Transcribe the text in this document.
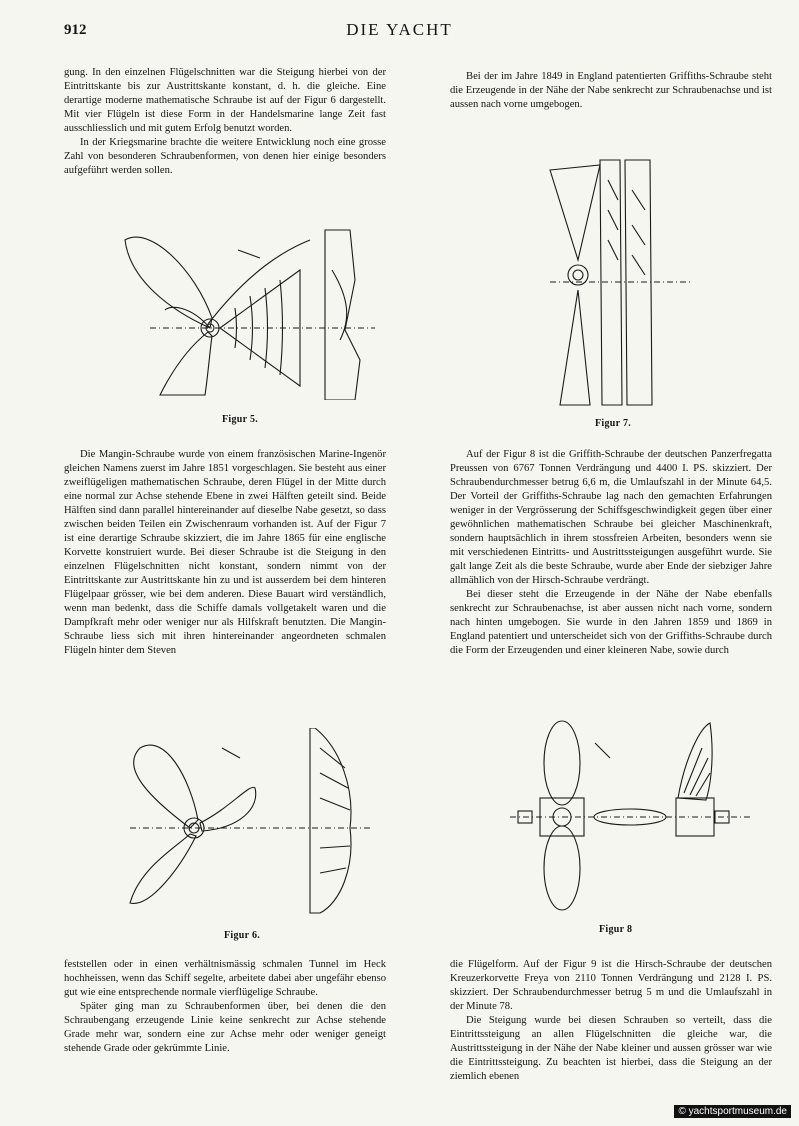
912	DIE YACHT

gung. In den einzelnen Flügelschnitten war die Steigung hierbei von der Eintrittskante bis zur Austrittskante konstant, d. h. die gleiche. Eine derartige moderne mathematische Schraube ist auf der Figur 6 dargestellt. Mit vier Flügeln ist diese Form in der Handelsmarine lange Zeit fast ausschliesslich und mit gutem Erfolg benutzt worden.

In der Kriegsmarine brachte die weitere Entwicklung noch eine grosse Zahl von besonderen Schraubenformen, von denen hier einige besonders aufgeführt werden sollen.

Figur 5.

Die Mangin-Schraube wurde von einem französischen Marine-Ingenör gleichen Namens zuerst im Jahre 1851 vorgeschlagen. Sie besteht aus einer zweiflügeligen mathematischen Schraube, deren Flügel in der Mitte durch eine normal zur Achse stehende Ebene in zwei Hälften geteilt sind. Beide Hälften sind dann parallel hintereinander auf dieselbe Nabe gesetzt, so dass zwischen beiden Teilen ein Zwischenraum vorhanden ist. Auf der Figur 7 ist eine derartige Schraube skizziert, die im Jahre 1865 für eine englische Korvette konstruiert wurde. Bei dieser Schraube ist die Steigung in den einzelnen Flügelschnitten nicht konstant, sondern nimmt von der Eintrittskante zur Austrittskante hin zu und ist ausserdem bei dem hinteren Flügelpaar grösser, wie bei dem anderen. Diese Bauart wird verständlich, wenn man bedenkt, dass die Schiffe damals vollgetakelt waren und die Dampfkraft mehr oder weniger nur als Hilfskraft benutzten. Die Mangin-Schraube liess sich mit ihren hintereinander angeordneten schmalen Flügeln hinter dem Steven

Figur 6.

feststellen oder in einen verhältnismässig schmalen Tunnel im Heck hochheissen, wenn das Schiff segelte, arbeitete dabei aber ungefähr ebenso gut wie eine entsprechende normale vierflügelige Schraube.

Später ging man zu Schraubenformen über, bei denen die den Schraubengang erzeugende Linie keine senkrecht zur Achse stehende Grade mehr war, sondern eine zur Achse mehr oder weniger geneigt stehende Grade oder gekrümmte Linie.

Bei der im Jahre 1849 in England patentierten Griffiths-Schraube steht die Erzeugende in der Nähe der Nabe senkrecht zur Schraubenachse und ist aussen nach vorne umgebogen.

Figur 7.

Auf der Figur 8 ist die Griffith-Schraube der deutschen Panzerfregatta Preussen von 6767 Tonnen Verdrängung und 4400 I. PS. skizziert. Der Schraubendurchmesser betrug 6,6 m, die Umlaufszahl in der Minute 64,5. Der Vorteil der Griffiths-Schraube lag nach den gemachten Erfahrungen weniger in der Vergrösserung der Schiffsgeschwindigkeit gegen über einer gewöhnlichen mathematischen Schraube bei gleicher Maschinenkraft, sondern hauptsächlich in ihrem stossfreien Arbeiten, besonders wenn sie mit verschiedenen Eintritts- und Austrittssteigungen ausgeführt wurde. Sie galt lange Zeit als die beste Schraube, wurde aber Ende der siebziger Jahre allmählich von der Hirsch-Schraube verdrängt.

Bei dieser steht die Erzeugende in der Nähe der Nabe ebenfalls senkrecht zur Schraubenachse, ist aber aussen nicht nach vorne, sondern nach hinten umgebogen. Sie wurde in den Jahren 1859 und 1869 in England patentiert und unterscheidet sich von der Griffiths-Schraube durch die Form der Erzeugenden und einer kleineren Nabe, sowie durch

Figur 8

die Flügelform. Auf der Figur 9 ist die Hirsch-Schraube der deutschen Kreuzerkorvette Freya von 2110 Tonnen Verdrängung und 2128 I. PS. skizziert. Der Schraubendurchmesser betrug 5 m und die Umlaufszahl in der Minute 78.

Die Steigung wurde bei diesen Schrauben so verteilt, dass die Eintrittssteigung an allen Flügelschnitten die gleiche war, die Austrittssteigung in der Nähe der Nabe kleiner und aussen grösser war wie die Eintrittssteigung. Zu beachten ist hierbei, dass die Steigung an der ziemlich ebenen

© yachtsportmuseum.de
